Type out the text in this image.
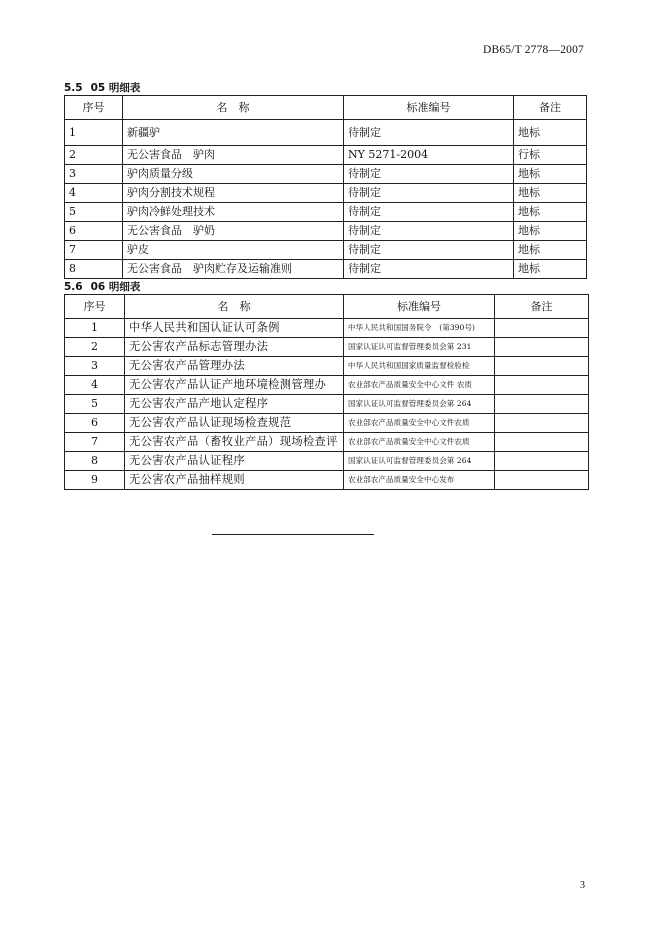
DB65/T 2778—2007
5.5 05 明细表
序号	名　称	标准编号	备注
1	新疆驴	待制定	地标
2	无公害食品　驴肉	NY 5271-2004	行标
3	驴肉质量分级	待制定	地标
4	驴肉分割技术规程	待制定	地标
5	驴肉冷鲜处理技术	待制定	地标
6	无公害食品　驴奶	待制定	地标
7	驴皮	待制定	地标
8	无公害食品　驴肉贮存及运输准则	待制定	地标
5.6 06 明细表
序号	名　称	标准编号	备注
1	中华人民共和国认证认可条例	中华人民共和国国务院令　(第390号)	
2	无公害农产品标志管理办法	国家认证认可监督管理委员会第 231	
3	无公害农产品管理办法	中华人民共和国国家质量监督检验检	
4	无公害农产品认证产地环境检测管理办	农业部农产品质量安全中心文件 农质	
5	无公害农产品产地认定程序	国家认证认可监督管理委员会第 264	
6	无公害农产品认证现场检查规范	农业部农产品质量安全中心文件农质	
7	无公害农产品（畜牧业产品）现场检查评	农业部农产品质量安全中心文件农质	
8	无公害农产品认证程序	国家认证认可监督管理委员会第 264	
9	无公害农产品抽样规则	农业部农产品质量安全中心发布	
3
